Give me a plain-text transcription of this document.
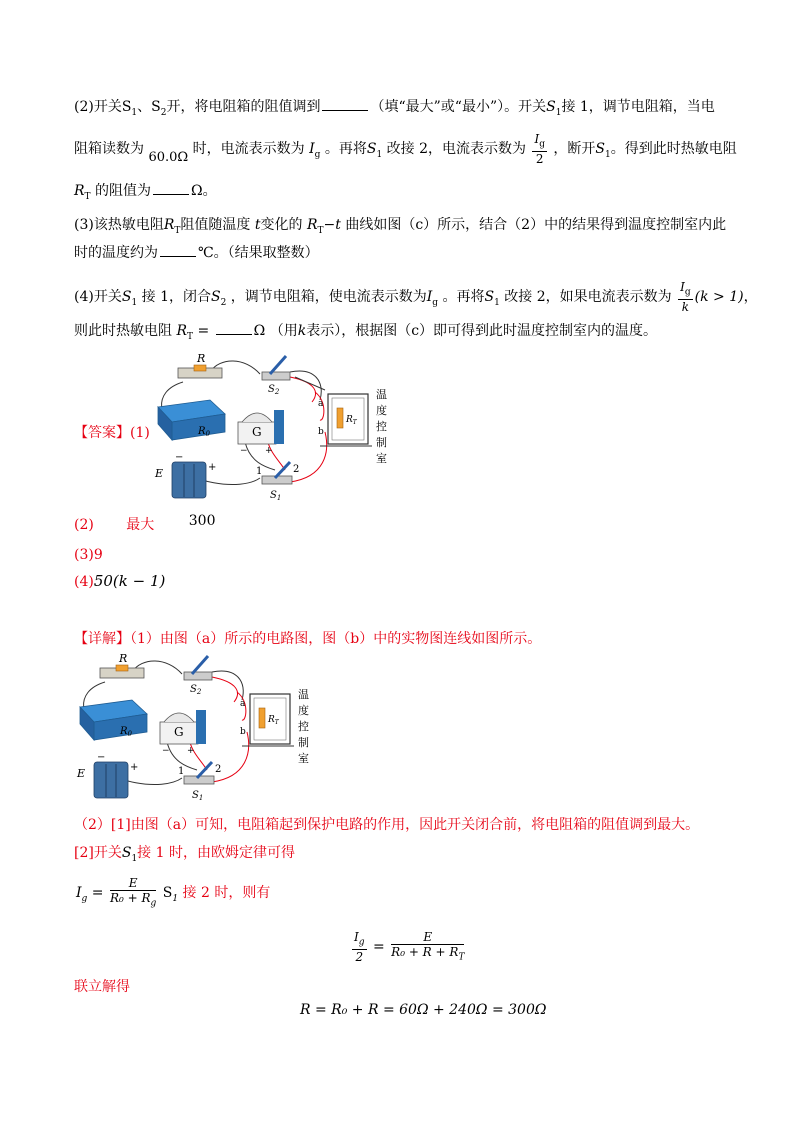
(2)开关$S_1$、$S_2$开，将电阻箱的阻值调到	（填“最大”或“最小”）。开关$S_1$接 1，调节电阻箱，当电
阻箱读数为 60.0Ω 时，电流表示数为 $I_g$ 。再将$S_1$ 改接 2，电流表示数为 $\frac{I_g}{2}$ ，断开$S_1$。得到此时热敏电阻
$R_T$ 的阻值为	Ω。
(3)该热敏电阻$R_T$阻值随温度 t变化的 $R_T-t$ 曲线如图（c）所示，结合（2）中的结果得到温度控制室内此
时的温度约为	℃。（结果取整数）
(4)开关$S_1$ 接 1，闭合$S_2$ ，调节电阻箱，使电流表示数为$I_g$ 。再将$S_1$ 改接 2，如果电流表示数为 $\frac{I_g}{k} (k > 1)$，
则此时热敏电阻 $R_T$ =	Ω （用k表示），根据图（c）即可得到此时温度控制室内的温度。
【答案】(1)
R
$S_2$
$R_0$	G
− +
E
−
+	1	2
$S_1$
a
b
$R_T$
温
度
控
制
室
(2) 最大 300
(3)9
(4)50(k − 1)
【详解】（1）由图（a）所示的电路图，图（b）中的实物图连线如图所示。
R
$S_2$
$R_0$	G
− +
E
−
+	1	2
$S_1$
a
b
$R_T$
温
度
控
制
室
（2）[1]由图（a）可知，电阻箱起到保护电路的作用，因此开关闭合前，将电阻箱的阻值调到最大。
[2]开关$S_1$接 1 时，由欧姆定律可得
$I_g = \frac{E}{R_0 + R_g} S_1$ 接 2 时，则有
$\frac{I_g}{2} = \frac{E}{R_0 + R + R_T}$
联立解得
R = R₀ + R = 60Ω + 240Ω = 300Ω
